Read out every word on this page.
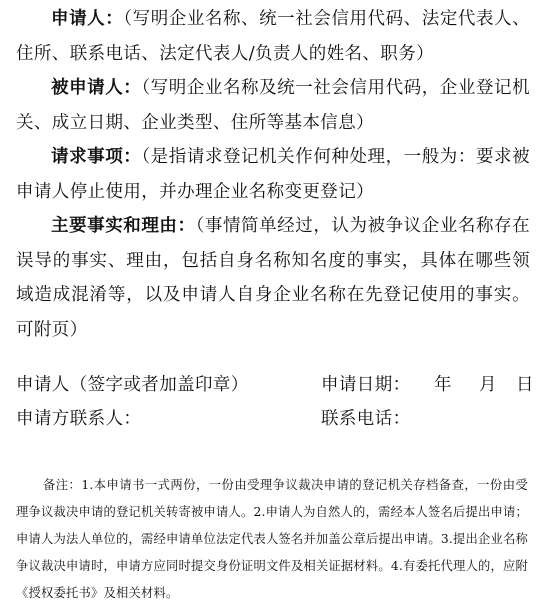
申请人：（写明企业名称、统一社会信用代码、法定代表人、住所、联系电话、法定代表人/负责人的姓名、职务）
被申请人：（写明企业名称及统一社会信用代码，企业登记机关、成立日期、企业类型、住所等基本信息）
请求事项：（是指请求登记机关作何种处理，一般为：要求被申请人停止使用，并办理企业名称变更登记）
主要事实和理由：（事情简单经过，认为被争议企业名称存在误导的事实、理由，包括自身名称知名度的事实，具体在哪些领域造成混淆等，以及申请人自身企业名称在先登记使用的事实。可附页）
申请人（签字或者加盖印章）	申请日期： 年 月 日
申请方联系人：	联系电话：
备注：1.本申请书一式两份，一份由受理争议裁决申请的登记机关存档备查，一份由受理争议裁决申请的登记机关转寄被申请人。2.申请人为自然人的，需经本人签名后提出申请；申请人为法人单位的，需经申请单位法定代表人签名并加盖公章后提出申请。3.提出企业名称争议裁决申请时，申请方应同时提交身份证明文件及相关证据材料。4.有委托代理人的，应附《授权委托书》及相关材料。
